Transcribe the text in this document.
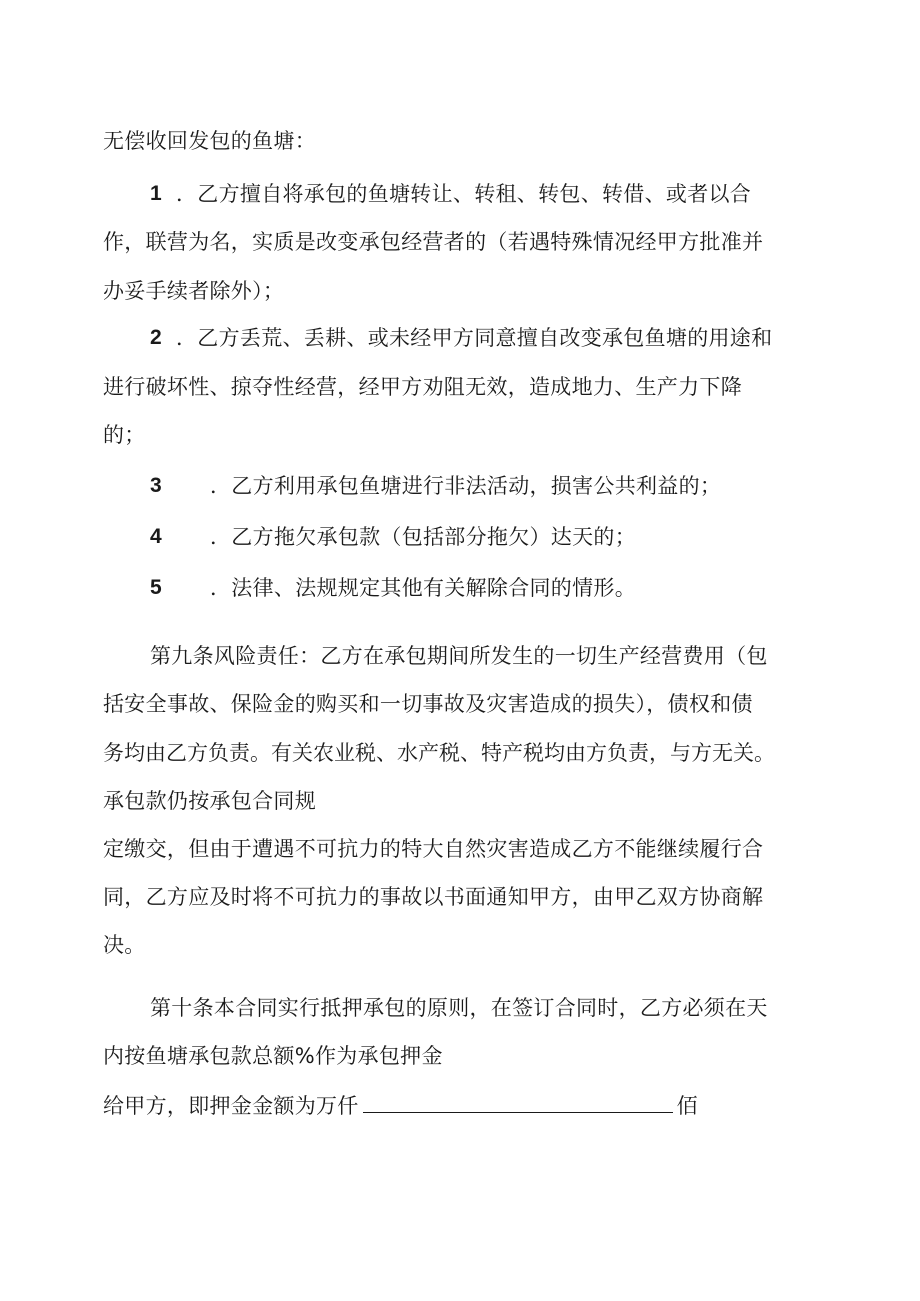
无偿收回发包的鱼塘：
1 ．乙方擅自将承包的鱼塘转让、转租、转包、转借、或者以合
作，联营为名，实质是改变承包经营者的（若遇特殊情况经甲方批准并
办妥手续者除外）；
2 ．乙方丢荒、丢耕、或未经甲方同意擅自改变承包鱼塘的用途和
进行破坏性、掠夺性经营，经甲方劝阻无效，造成地力、生产力下降
的；
3 ．乙方利用承包鱼塘进行非法活动，损害公共利益的；
4 ．乙方拖欠承包款（包括部分拖欠）达天的；
5 ．法律、法规规定其他有关解除合同的情形。
第九条风险责任：乙方在承包期间所发生的一切生产经营费用（包
括安全事故、保险金的购买和一切事故及灾害造成的损失），债权和债
务均由乙方负责。有关农业税、水产税、特产税均由方负责，与方无关。
承包款仍按承包合同规
定缴交，但由于遭遇不可抗力的特大自然灾害造成乙方不能继续履行合
同，乙方应及时将不可抗力的事故以书面通知甲方，由甲乙双方协商解
决。
第十条本合同实行抵押承包的原则，在签订合同时，乙方必须在天
内按鱼塘承包款总额%作为承包押金
给甲方，即押金金额为万仟	佰
